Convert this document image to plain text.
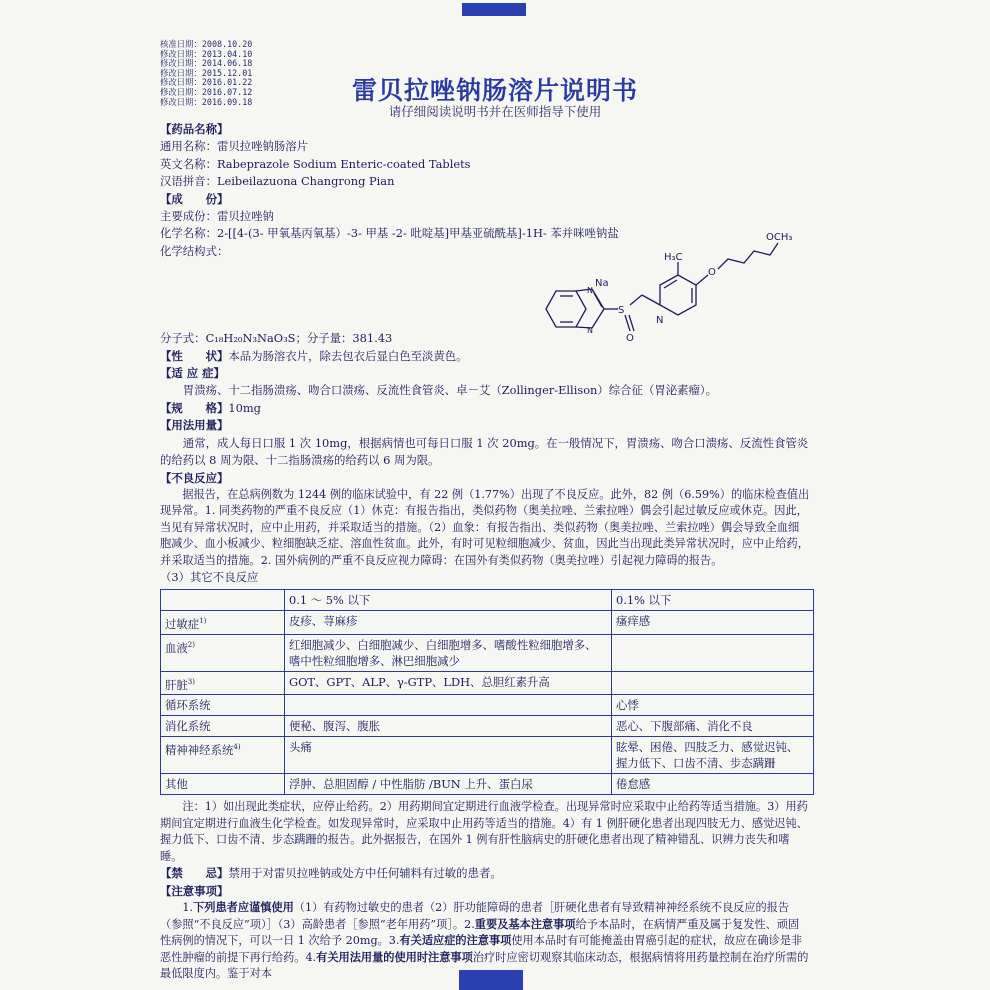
核准日期：2008.10.20
修改日期：2013.04.10
修改日期：2014.06.18
修改日期：2015.12.01
修改日期：2016.01.22
修改日期：2016.07.12
修改日期：2016.09.18	雷贝拉唑钠肠溶片说明书
请仔细阅读说明书并在医师指导下使用
Na
N
N
S
O
N
H₃C
O
OCH₃

【药品名称】

通用名称：雷贝拉唑钠肠溶片

英文名称：Rabeprazole Sodium Enteric-coated Tablets

汉语拼音：Leibeilazuona Changrong Pian

【成　　份】

主要成份：雷贝拉唑钠

化学名称：2-[[4-(3- 甲氧基丙氧基）-3- 甲基 -2- 吡啶基]甲基亚硫酰基]-1H- 苯并咪唑钠盐

化学结构式：

分子式：C₁₈H₂₀N₃NaO₃S；分子量：381.43

【性　　状】本品为肠溶衣片，除去包衣后显白色至淡黄色。

【适 应 症】

胃溃疡、十二指肠溃疡、吻合口溃疡、反流性食管炎、卓－艾（Zollinger-Ellison）综合征（胃泌素瘤）。

【规　　格】10mg

【用法用量】

通常，成人每日口服 1 次 10mg，根据病情也可每日口服 1 次 20mg。在一般情况下，胃溃疡、吻合口溃疡、反流性食管炎的给药以 8 周为限、十二指肠溃疡的给药以 6 周为限。

【不良反应】

据报告，在总病例数为 1244 例的临床试验中，有 22 例（1.77%）出现了不良反应。此外，82 例（6.59%）的临床检查值出现异常。1. 同类药物的严重不良反应（1）休克：有报告指出，类似药物（奥美拉唑、兰索拉唑）偶会引起过敏反应或休克。因此，当见有异常状况时，应中止用药，并采取适当的措施。（2）血象：有报告指出、类似药物（奥美拉唑、兰索拉唑）偶会导致全血细胞减少、血小板减少、粒细胞缺乏症、溶血性贫血。此外，有时可见粒细胞减少、贫血，因此当出现此类异常状况时，应中止给药，并采取适当的措施。2. 国外病例的严重不良反应视力障碍：在国外有类似药物（奥美拉唑）引起视力障碍的报告。

（3）其它不良反应

	0.1 ～ 5% 以下	0.1% 以下
过敏症$^{1)}$	皮疹、荨麻疹	瘙痒感
血液$^{2)}$	红细胞减少、白细胞减少、白细胞增多、嗜酸性粒细胞增多、嗜中性粒细胞增多、淋巴细胞减少	
肝脏$^{3)}$	GOT、GPT、ALP、γ-GTP、LDH、总胆红素升高	
循环系统		心悸
消化系统	便秘、腹泻、腹胀	恶心、下腹部痛、消化不良
精神神经系统$^{4)}$	头痛	眩晕、困倦、四肢乏力、感觉迟钝、握力低下、口齿不清、步态蹒跚
其他	浮肿、总胆固醇 / 中性脂肪 /BUN 上升、蛋白尿	倦怠感

注：1）如出现此类症状，应停止给药。2）用药期间宜定期进行血液学检查。出现异常时应采取中止给药等适当措施。3）用药期间宜定期进行血液生化学检查。如发现异常时，应采取中止用药等适当的措施。4）有 1 例肝硬化患者出现四肢无力、感觉迟钝、握力低下、口齿不清、步态蹒跚的报告。此外据报告，在国外 1 例有肝性脑病史的肝硬化患者出现了精神错乱、识辨力丧失和嗜睡。

【禁　　忌】禁用于对雷贝拉唑钠或处方中任何辅料有过敏的患者。

【注意事项】

1.下列患者应谨慎使用（1）有药物过敏史的患者（2）肝功能障碍的患者［肝硬化患者有导致精神神经系统不良反应的报告（参照“不良反应”项）］（3）高龄患者［参照“老年用药”项］。2.重要及基本注意事项给予本品时，在病情严重及属于复发性、顽固性病例的情况下，可以一日 1 次给予 20mg。3.有关适应症的注意事项使用本品时有可能掩盖由胃癌引起的症状，故应在确诊是非恶性肿瘤的前提下再行给药。4.有关用法用量的使用时注意事项治疗时应密切观察其临床动态，根据病情将用药量控制在治疗所需的最低限度内。鉴于对本
